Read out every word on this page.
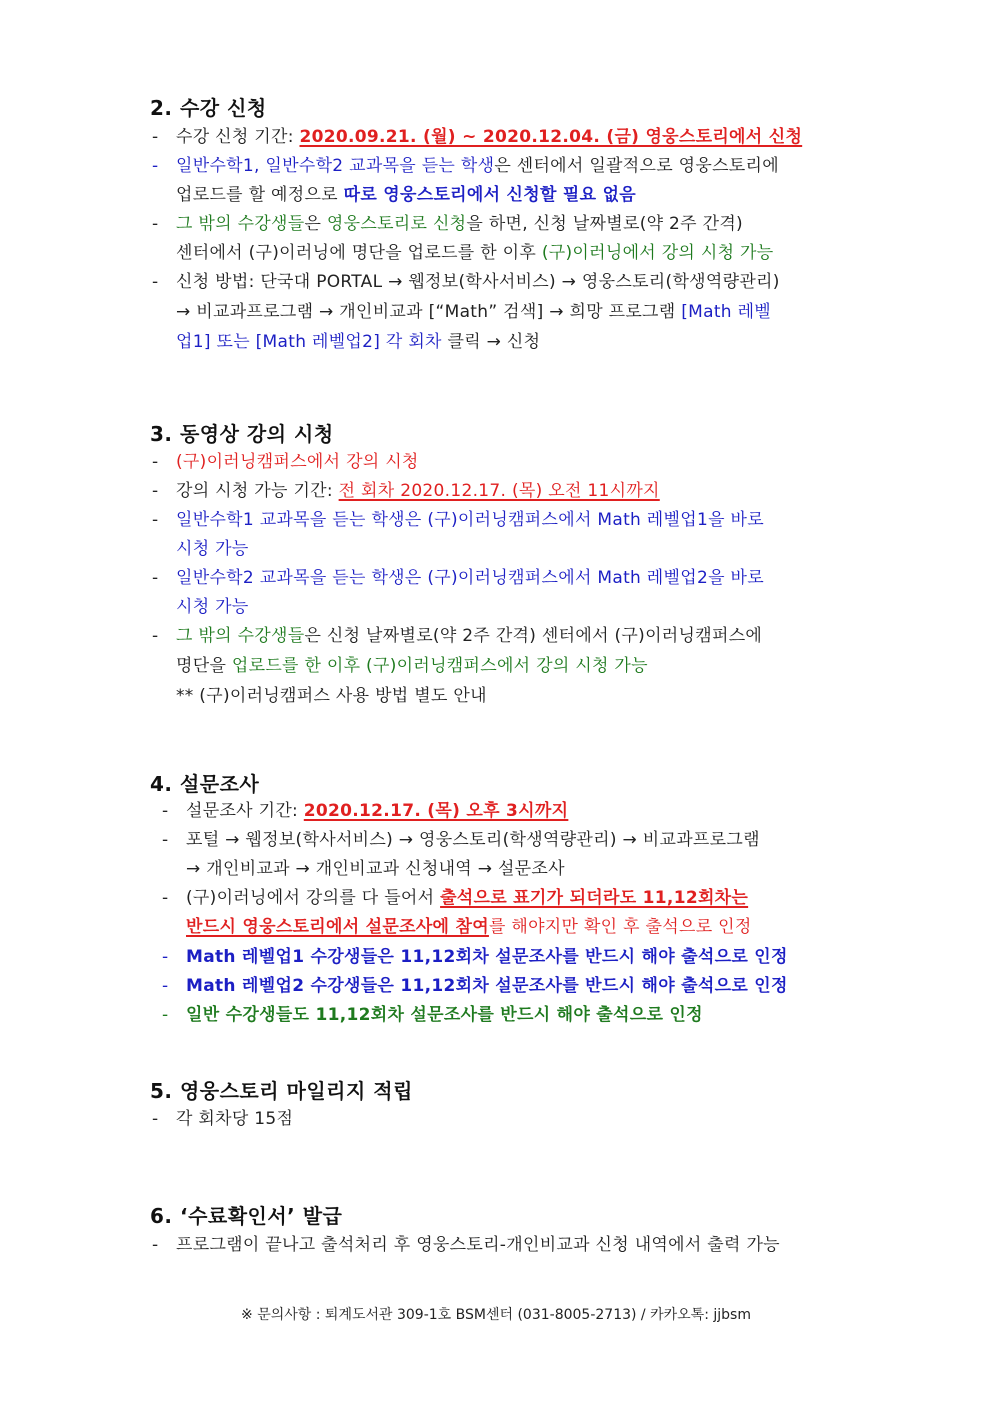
2. 수강 신청
- 수강 신청 기간: 2020.09.21. (월) ~ 2020.12.04. (금) 영웅스토리에서 신청
- 일반수학1, 일반수학2 교과목을 듣는 학생은 센터에서 일괄적으로 영웅스토리에
업로드를 할 예정으로 따로 영웅스토리에서 신청할 필요 없음
- 그 밖의 수강생들은 영웅스토리로 신청을 하면, 신청 날짜별로(약 2주 간격)
센터에서 (구)이러닝에 명단을 업로드를 한 이후 (구)이러닝에서 강의 시청 가능
- 신청 방법: 단국대 PORTAL → 웹정보(학사서비스) → 영웅스토리(학생역량관리)
→ 비교과프로그램 → 개인비교과 [“Math” 검색] → 희망 프로그램 [Math 레벨
업1] 또는 [Math 레벨업2] 각 회차 클릭 → 신청
3. 동영상 강의 시청
- (구)이러닝캠퍼스에서 강의 시청
- 강의 시청 가능 기간: 전 회차 2020.12.17. (목) 오전 11시까지
- 일반수학1 교과목을 듣는 학생은 (구)이러닝캠퍼스에서 Math 레벨업1을 바로
시청 가능
- 일반수학2 교과목을 듣는 학생은 (구)이러닝캠퍼스에서 Math 레벨업2을 바로
시청 가능
- 그 밖의 수강생들은 신청 날짜별로(약 2주 간격) 센터에서 (구)이러닝캠퍼스에
명단을 업로드를 한 이후 (구)이러닝캠퍼스에서 강의 시청 가능
** (구)이러닝캠퍼스 사용 방법 별도 안내
4. 설문조사
- 설문조사 기간: 2020.12.17. (목) 오후 3시까지
- 포털 → 웹정보(학사서비스) → 영웅스토리(학생역량관리) → 비교과프로그램
→ 개인비교과 → 개인비교과 신청내역 → 설문조사
- (구)이러닝에서 강의를 다 들어서 출석으로 표기가 되더라도 11,12회차는
반드시 영웅스토리에서 설문조사에 참여를 해야지만 확인 후 출석으로 인정
- Math 레벨업1 수강생들은 11,12회차 설문조사를 반드시 해야 출석으로 인정
- Math 레벨업2 수강생들은 11,12회차 설문조사를 반드시 해야 출석으로 인정
- 일반 수강생들도 11,12회차 설문조사를 반드시 해야 출석으로 인정
5. 영웅스토리 마일리지 적립
- 각 회차당 15점
6. ‘수료확인서’ 발급
- 프로그램이 끝나고 출석처리 후 영웅스토리-개인비교과 신청 내역에서 출력 가능
※ 문의사항 : 퇴계도서관 309-1호 BSM센터 (031-8005-2713) / 카카오톡: jjbsm
